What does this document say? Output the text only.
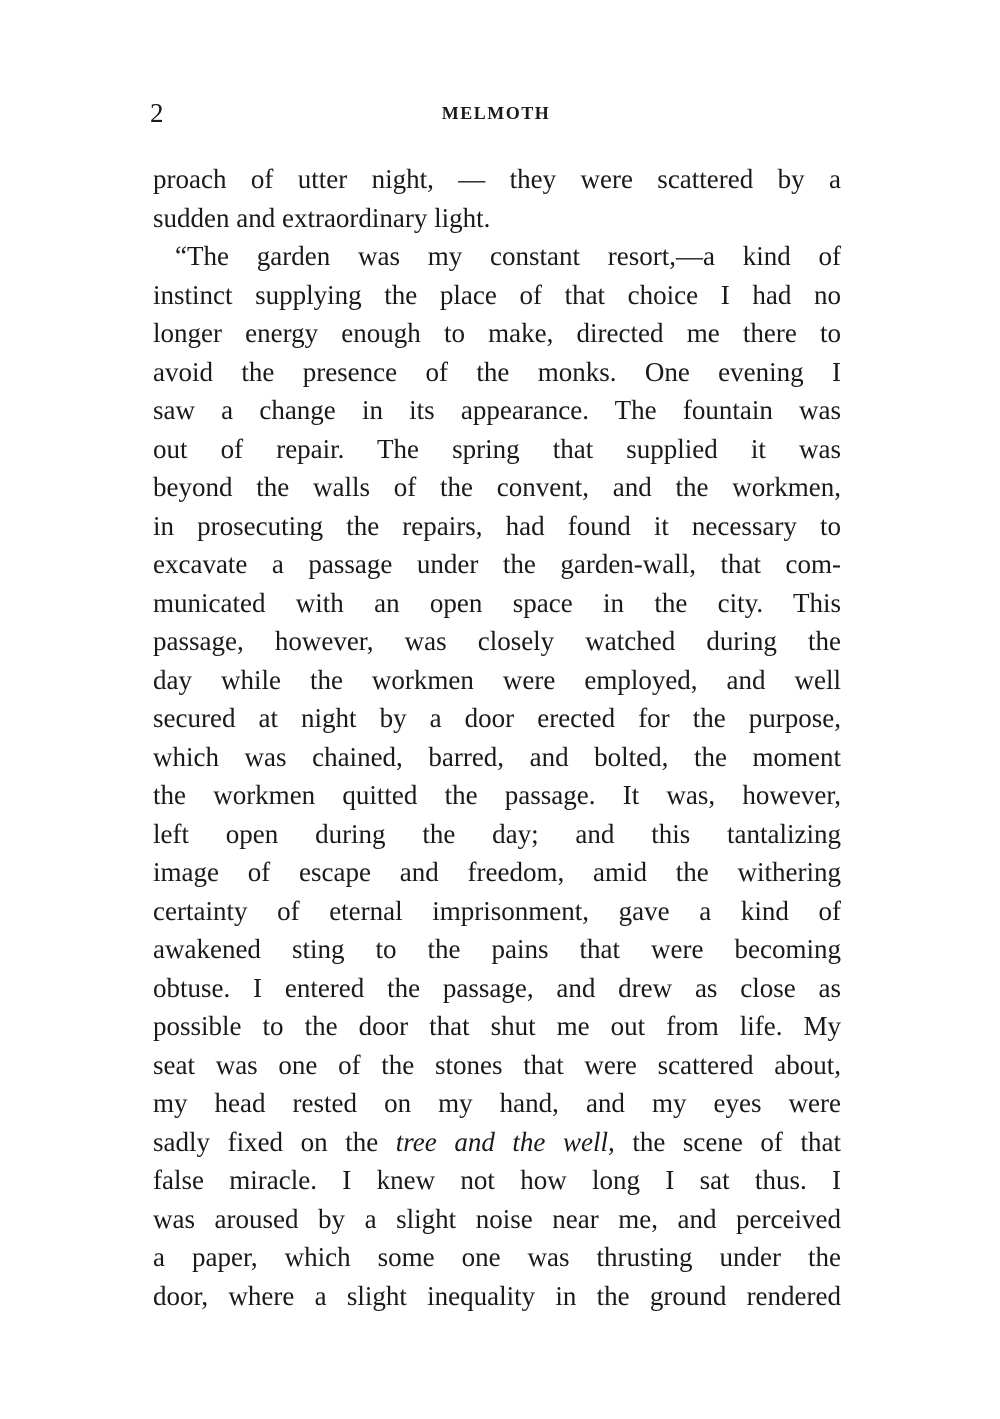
2	MELMOTH
proach of utter night, — they were scattered by a
sudden and extraordinary light.
“The garden was my constant resort,—a kind of
instinct supplying the place of that choice I had no
longer energy enough to make, directed me there to
avoid the presence of the monks. One evening I
saw a change in its appearance. The fountain was
out of repair. The spring that supplied it was
beyond the walls of the convent, and the workmen,
in prosecuting the repairs, had found it necessary to
excavate a passage under the garden-wall, that com-
municated with an open space in the city. This
passage, however, was closely watched during the
day while the workmen were employed, and well
secured at night by a door erected for the purpose,
which was chained, barred, and bolted, the moment
the workmen quitted the passage. It was, however,
left open during the day; and this tantalizing
image of escape and freedom, amid the withering
certainty of eternal imprisonment, gave a kind of
awakened sting to the pains that were becoming
obtuse. I entered the passage, and drew as close as
possible to the door that shut me out from life. My
seat was one of the stones that were scattered about,
my head rested on my hand, and my eyes were
sadly fixed on the tree and the well, the scene of that
false miracle. I knew not how long I sat thus. I
was aroused by a slight noise near me, and perceived
a paper, which some one was thrusting under the
door, where a slight inequality in the ground rendered
